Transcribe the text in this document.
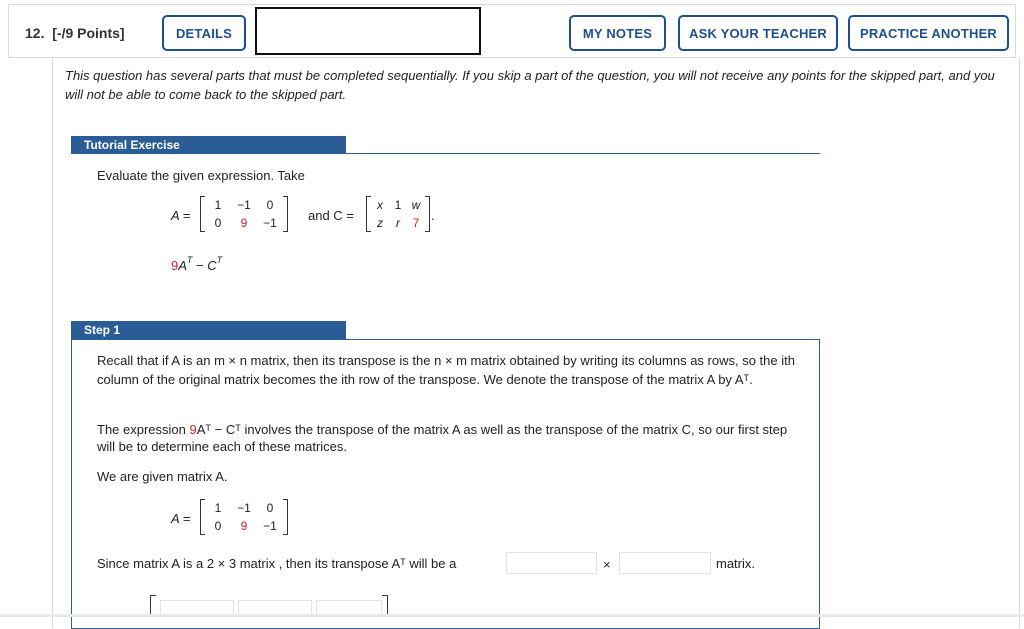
12. [-/9 Points]	DETAILS	MY NOTES	ASK YOUR TEACHER	PRACTICE ANOTHER
This question has several parts that must be completed sequentially. If you skip a part of the question, you will not receive any points for the skipped part, and you will not be able to come back to the skipped part.
Tutorial Exercise
Evaluate the given expression. Take
A =
1	−1	0
0	9	−1	and C =
x 1 w
z	r	7 .
$9A^T - C^T$
Step 1
Recall that if A is an m × n matrix, then its transpose is the n × m matrix obtained by writing its columns as rows, so the ith column of the original matrix becomes the ith row of the transpose. We denote the transpose of the matrix A by Aᵀ.
The expression 9Aᵀ − Cᵀ involves the transpose of the matrix A as well as the transpose of the matrix C, so our first step will be to determine each of these matrices.
We are given matrix A.
A =
1	−1	0
0	9	−1
Since matrix A is a 2 × 3 matrix , then its transpose Aᵀ will be a	×	matrix.
